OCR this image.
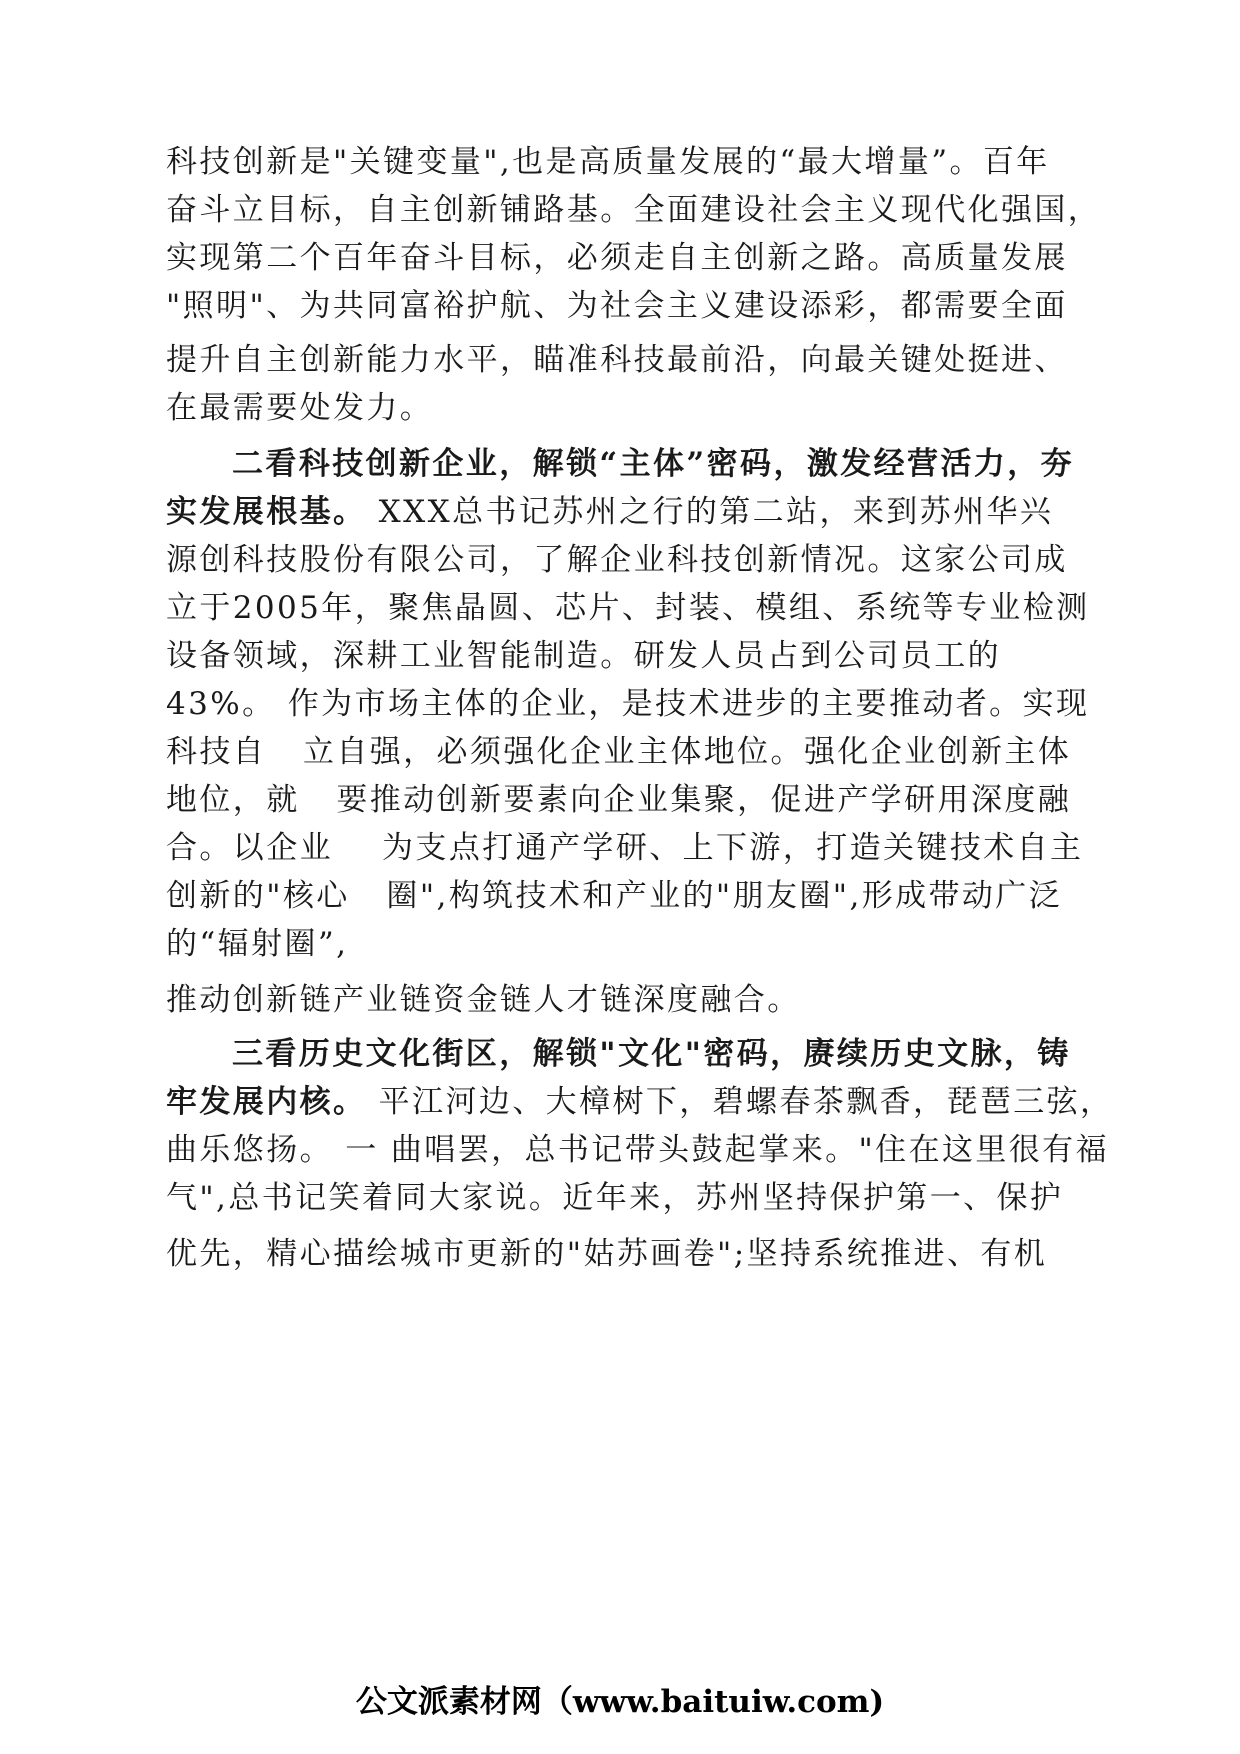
科技创新是"关键变量",也是高质量发展的“最大增量”。百年
奋斗立目标，自主创新铺路基。全面建设社会主义现代化强国，
实现第二个百年奋斗目标，必须走自主创新之路。高质量发展
"照明"、为共同富裕护航、为社会主义建设添彩，都需要全面
提升自主创新能力水平，瞄准科技最前沿，向最关键处挺进、
在最需要处发力。
二看科技创新企业，解锁“主体”密码，激发经营活力，夯
实发展根基。 XXX总书记苏州之行的第二站，来到苏州华兴
源创科技股份有限公司，了解企业科技创新情况。这家公司成
立于2005年，聚焦晶圆、芯片、封装、模组、系统等专业检测
设备领域，深耕工业智能制造。研发人员占到公司员工的
43%。 作为市场主体的企业，是技术进步的主要推动者。实现
科技自   立自强，必须强化企业主体地位。强化企业创新主体
地位，就   要推动创新要素向企业集聚，促进产学研用深度融
合。以企业    为支点打通产学研、上下游，打造关键技术自主
创新的"核心   圈",构筑技术和产业的"朋友圈",形成带动广泛
的“辐射圈”,
推动创新链产业链资金链人才链深度融合。
三看历史文化街区，解锁"文化"密码，赓续历史文脉，铸
牢发展内核。 平江河边、大樟树下，碧螺春茶飘香，琵琶三弦，
曲乐悠扬。 一 曲唱罢，总书记带头鼓起掌来。"住在这里很有福
气",总书记笑着同大家说。近年来，苏州坚持保护第一、保护
优先，精心描绘城市更新的"姑苏画卷";坚持系统推进、有机
公文派素材网（www.baituiw.com)
